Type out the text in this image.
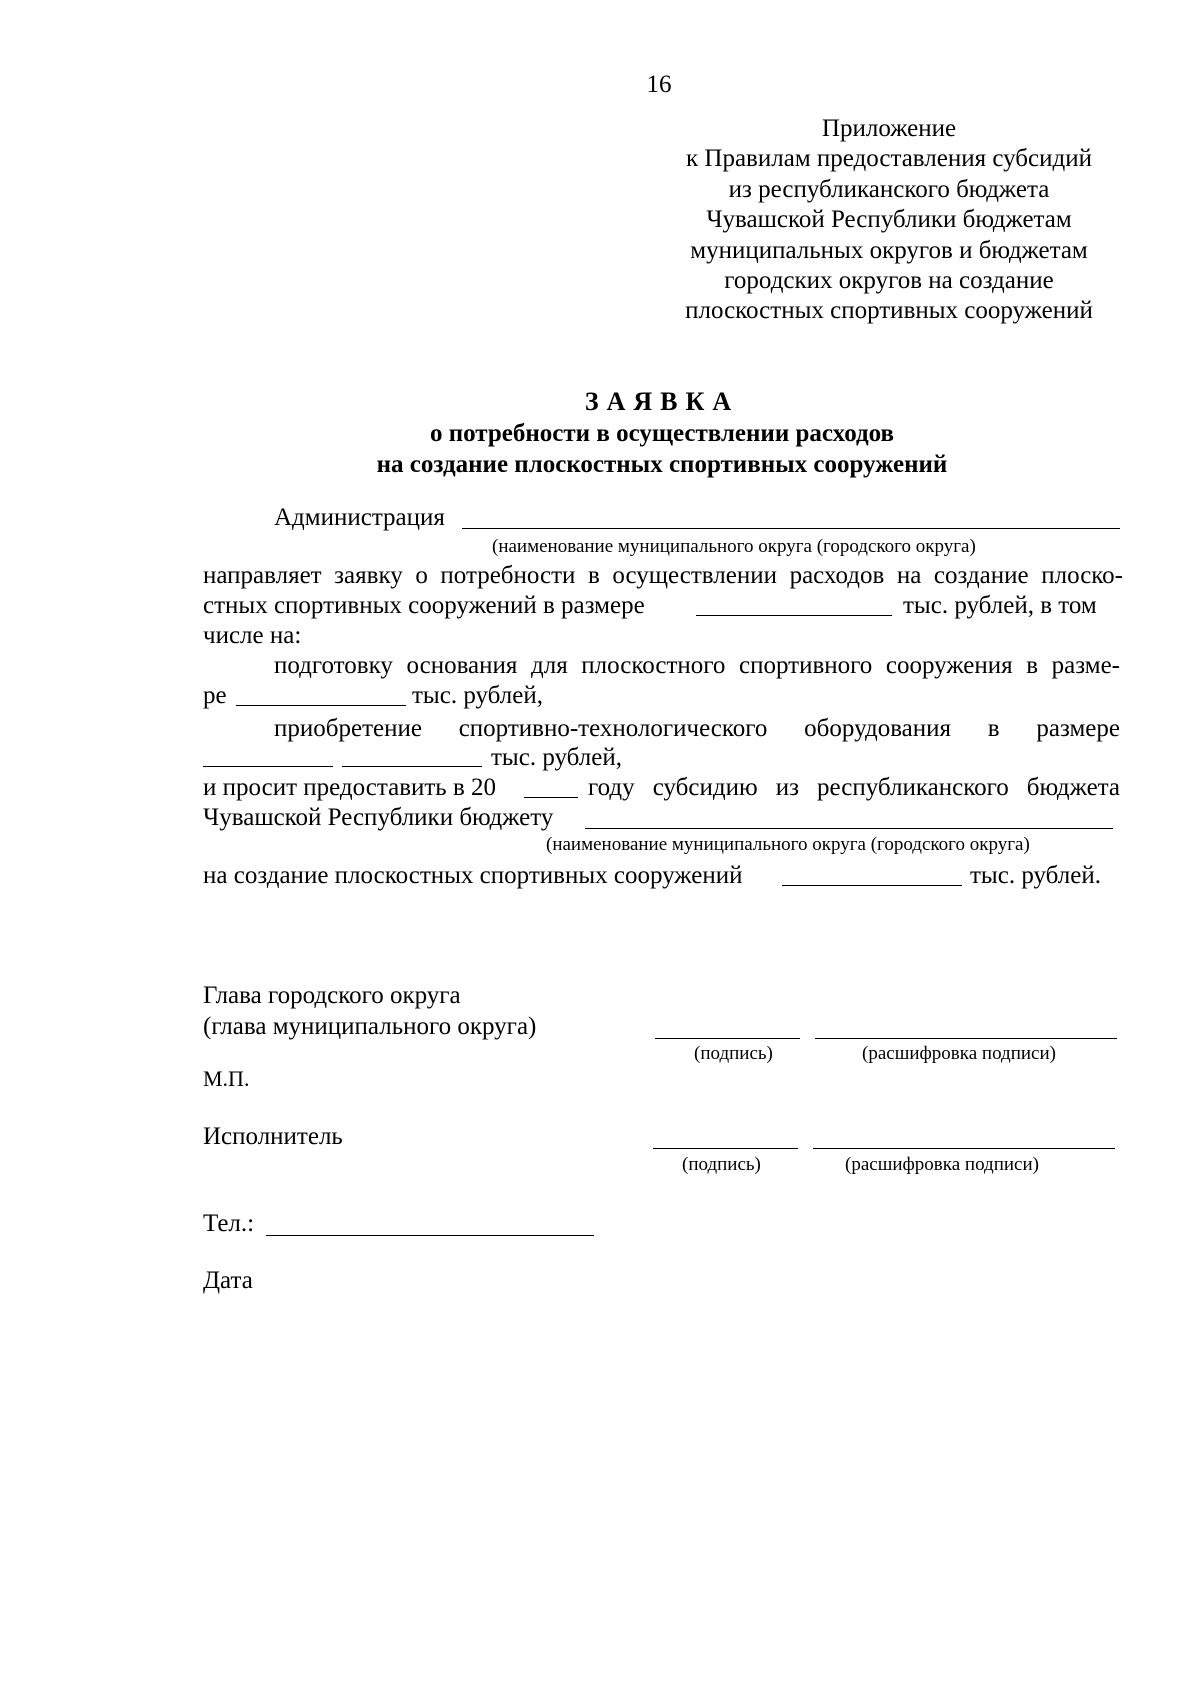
16
Приложение
к Правилам предоставления субсидий
из республиканского бюджета
Чувашской Республики бюджетам
муниципальных округов и бюджетам
городских округов на создание
плоскостных спортивных сооружений
ЗАЯВКА
о потребности в осуществлении расходов
на создание плоскостных спортивных сооружений
Администрация
(наименование муниципального округа (городского округа)
направляет заявку о потребности в осуществлении расходов на создание плоско-
стных спортивных сооружений в размере	тыс. рублей, в том
числе на:
подготовку основания для плоскостного спортивного сооружения в разме-
ре	тыс. рублей,
приобретение спортивно-технологического оборудования в размере
тыс. рублей,
и просит предоставить в 20	году субсидию из республиканского бюджета
Чувашской Республики бюджету
(наименование муниципального округа (городского округа)
на создание плоскостных спортивных сооружений	тыс. рублей.
Глава городского округа
(глава муниципального округа)
(подпись)	(расшифровка подписи)
М.П.
Исполнитель
(подпись)	(расшифровка подписи)
Тел.:
Дата
